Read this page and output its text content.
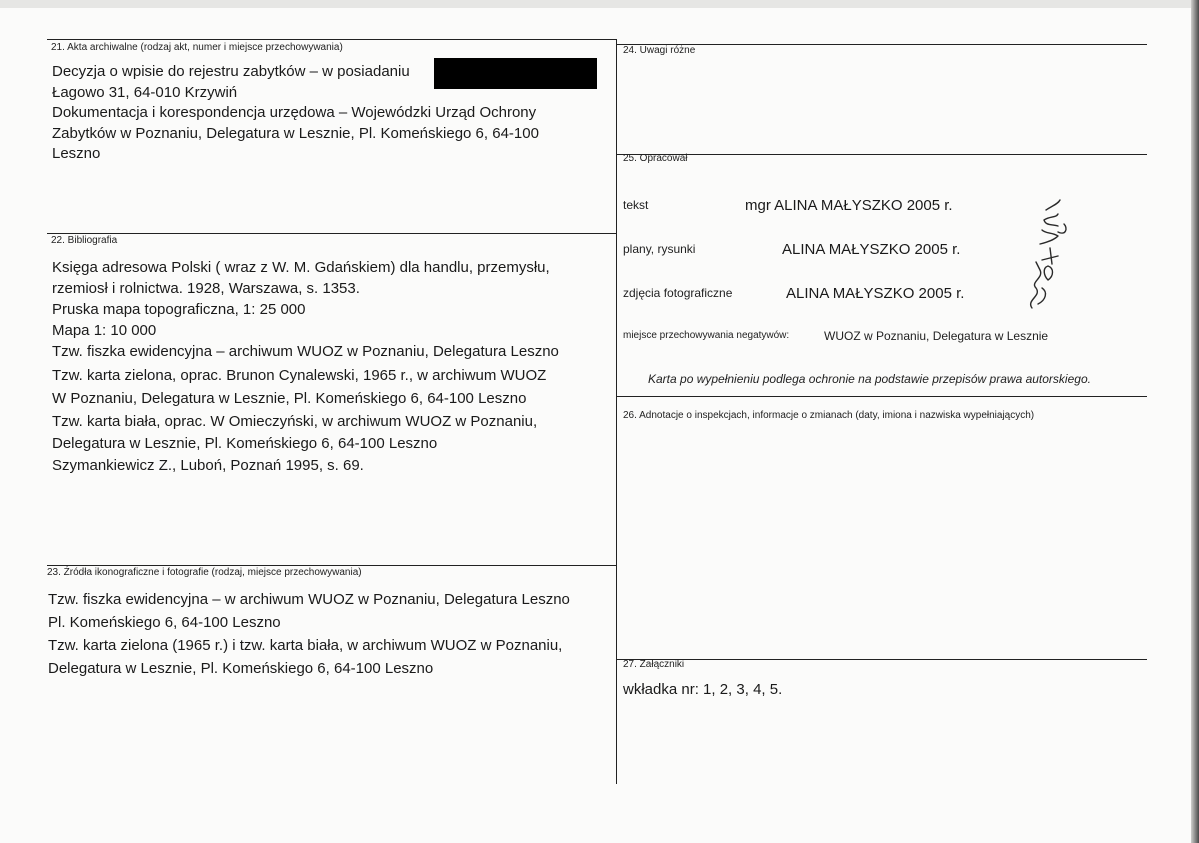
21. Akta archiwalne (rodzaj akt, numer i miejsce przechowywania)
Decyzja o wpisie do rejestru zabytków – w posiadaniu
Łagowo 31, 64-010 Krzywiń
Dokumentacja i korespondencja urzędowa – Wojewódzki Urząd Ochrony
Zabytków w Poznaniu, Delegatura w Lesznie, Pl. Komeńskiego 6, 64-100
Leszno
22. Bibliografia
Księga adresowa Polski ( wraz z W. M. Gdańskiem) dla handlu, przemysłu,
rzemiosł i rolnictwa. 1928, Warszawa, s. 1353.
Pruska mapa topograficzna, 1: 25 000
Mapa 1: 10 000
Tzw. fiszka ewidencyjna – archiwum WUOZ w Poznaniu, Delegatura Leszno
Tzw. karta zielona, oprac. Brunon Cynalewski, 1965 r., w archiwum WUOZ
W Poznaniu, Delegatura w Lesznie, Pl. Komeńskiego 6, 64-100 Leszno
Tzw. karta biała, oprac. W Omieczyński, w archiwum WUOZ w Poznaniu,
Delegatura w Lesznie, Pl. Komeńskiego 6, 64-100 Leszno
Szymankiewicz Z., Luboń, Poznań 1995, s. 69.
23. Źródła ikonograficzne i fotografie (rodzaj, miejsce przechowywania)
Tzw. fiszka ewidencyjna – w archiwum WUOZ w Poznaniu, Delegatura Leszno
Pl. Komeńskiego 6, 64-100 Leszno
Tzw. karta zielona (1965 r.) i tzw. karta biała, w archiwum WUOZ w Poznaniu,
Delegatura w Lesznie, Pl. Komeńskiego 6, 64-100 Leszno
24. Uwagi różne
25. Opracował
tekst	mgr ALINA MAŁYSZKO 2005 r.
plany, rysunki	ALINA MAŁYSZKO 2005 r.
zdjęcia fotograficzne	ALINA MAŁYSZKO 2005 r.
miejsce przechowywania negatywów:	WUOZ w Poznaniu, Delegatura w Lesznie
Karta po wypełnieniu podlega ochronie na podstawie przepisów prawa autorskiego.
26. Adnotacje o inspekcjach, informacje o zmianach (daty, imiona i nazwiska wypełniających)
27. Załączniki
wkładka nr: 1, 2, 3, 4, 5.
